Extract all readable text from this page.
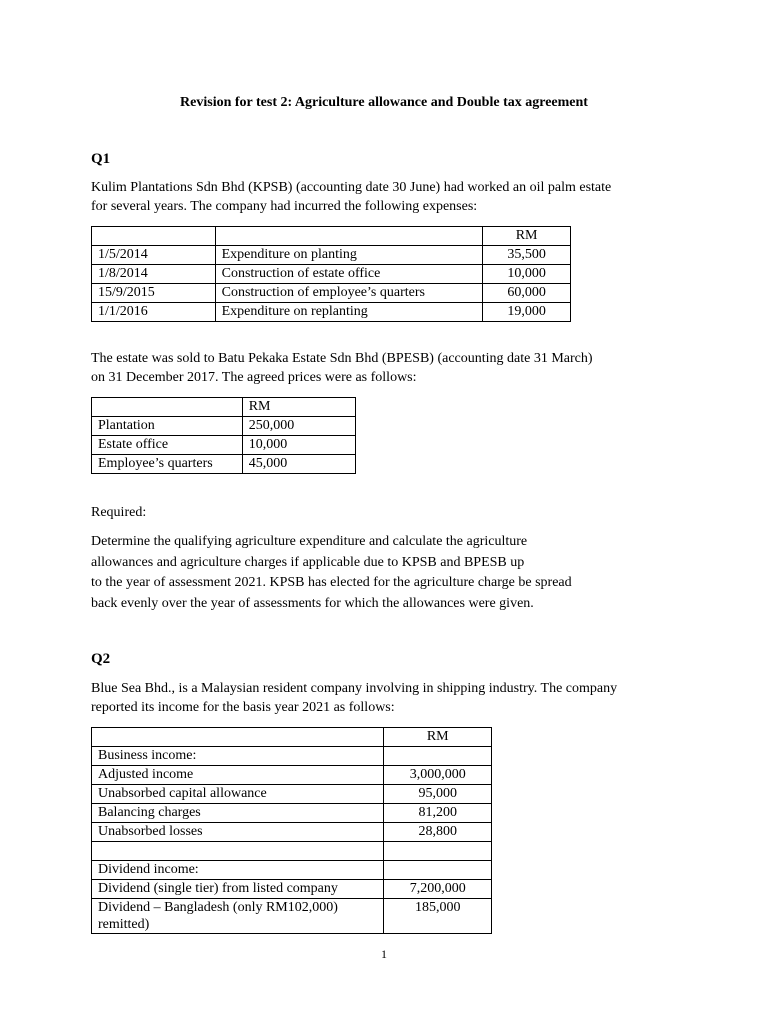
Revision for test 2: Agriculture allowance and Double tax agreement
Q1
Kulim Plantations Sdn Bhd (KPSB) (accounting date 30 June) had worked an oil palm estate
for several years. The company had incurred the following expenses:
		RM
1/5/2014	Expenditure on planting	35,500
1/8/2014	Construction of estate office	10,000
15/9/2015	Construction of employee’s quarters	60,000
1/1/2016	Expenditure on replanting	19,000
The estate was sold to Batu Pekaka Estate Sdn Bhd (BPESB) (accounting date 31 March)
on 31 December 2017. The agreed prices were as follows:
	RM
Plantation	250,000
Estate office	10,000
Employee’s quarters	45,000
Required:
Determine the qualifying agriculture expenditure and calculate the agriculture
allowances and agriculture charges if applicable due to KPSB and BPESB up
to the year of assessment 2021. KPSB has elected for the agriculture charge be spread
back evenly over the year of assessments for which the allowances were given.
Q2
Blue Sea Bhd., is a Malaysian resident company involving in shipping industry. The company
reported its income for the basis year 2021 as follows:
	RM
Business income:	
Adjusted income	3,000,000
Unabsorbed capital allowance	95,000
Balancing charges	81,200
Unabsorbed losses	28,800

Dividend income:	
Dividend (single tier) from listed company	7,200,000
Dividend – Bangladesh (only RM102,000) remitted)	185,000
1
